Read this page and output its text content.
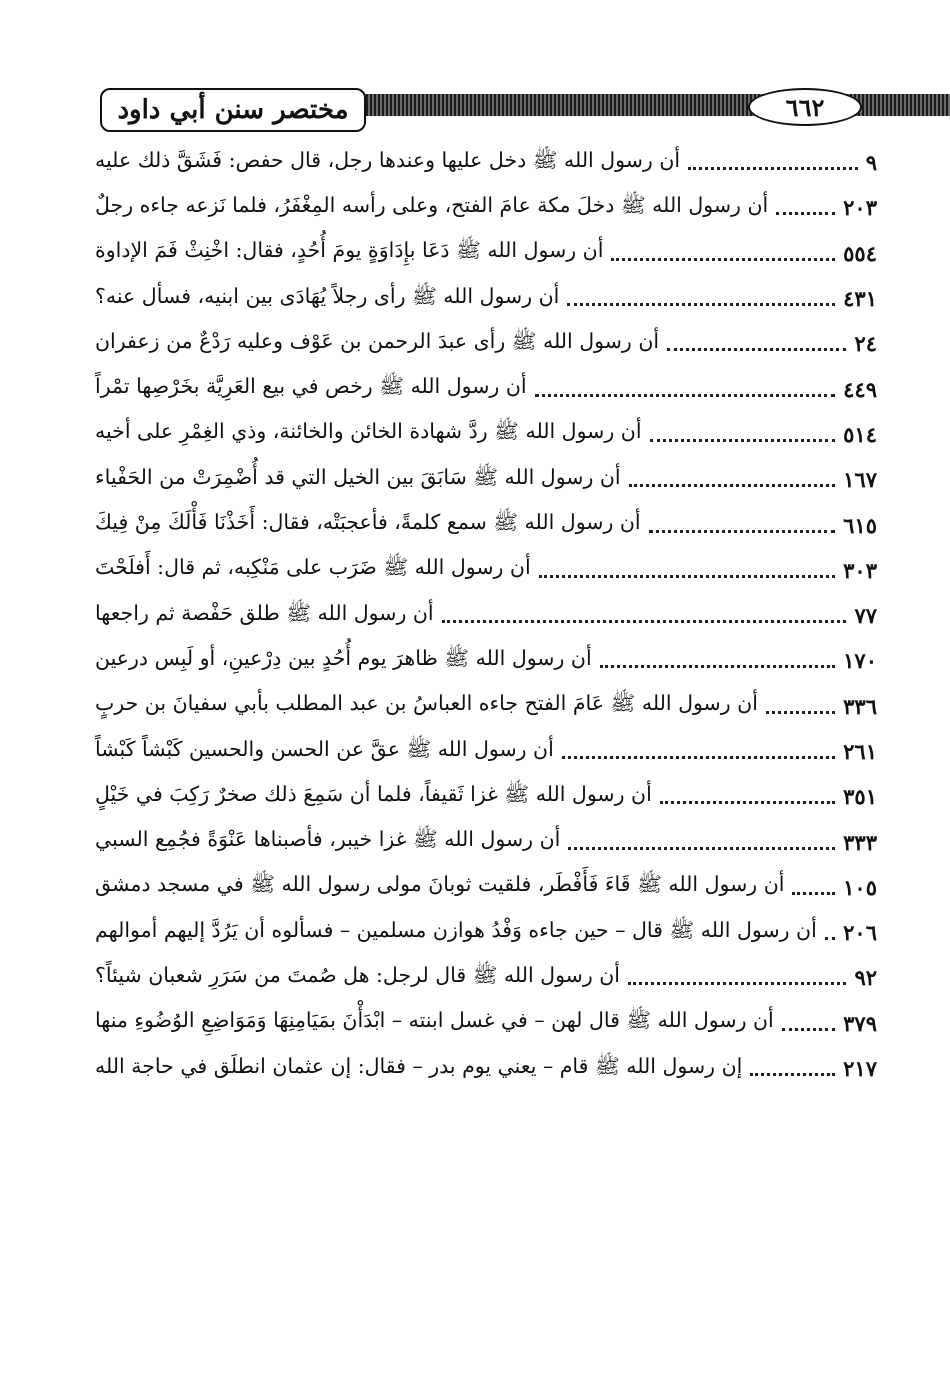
مختصر سنن أبي داود	٦٦٢
أن رسول الله ﷺ دخل عليها وعندها رجل، قال حفص: فَشَقَّ ذلك عليه	٩
أن رسول الله ﷺ دخلَ مكة عامَ الفتح، وعلى رأسه المِغْفَرُ، فلما نَزعه جاءه رجلٌ	٢٠٣
أن رسول الله ﷺ دَعَا بإِدَاوَةٍ يومَ أُحُدٍ، فقال: اخْنِثْ فَمَ الإداوة	٥٥٤
أن رسول الله ﷺ رأى رجلاً يُهَادَى بين ابنيه، فسأل عنه؟	٤٣١
أن رسول الله ﷺ رأى عبدَ الرحمن بن عَوْف وعليه رَدْعٌ من زعفران	٢٤
أن رسول الله ﷺ رخص في بيع العَرِيَّة بخَرْصِها تمْراً	٤٤٩
أن رسول الله ﷺ ردَّ شهادة الخائن والخائنة، وذي الغِمْرِ على أخيه	٥١٤
أن رسول الله ﷺ سَابَقَ بين الخيل التي قد أُضْمِرَتْ من الحَفْياء	١٦٧
أن رسول الله ﷺ سمع كلمةً، فأعجبَتْه، فقال: أَخَذْنَا فَأْلَكَ مِنْ فِيكَ	٦١٥
أن رسول الله ﷺ ضَرَب على مَنْكِبه، ثم قال: أَفلَحْتَ	٣٠٣
أن رسول الله ﷺ طلق حَفْصة ثم راجعها	٧٧
أن رسول الله ﷺ ظاهرَ يوم أُحُدٍ بين دِرْعينِ، أو لَبِس درعين	١٧٠
أن رسول الله ﷺ عَامَ الفتح جاءه العباسُ بن عبد المطلب بأبي سفيانَ بن حربٍ	٣٣٦
أن رسول الله ﷺ عقَّ عن الحسن والحسين كَبْشاً كَبْشاً	٢٦١
أن رسول الله ﷺ غزا ثَقيفاً، فلما أن سَمِعَ ذلك صخرٌ رَكِبَ في خَيْلٍ	٣٥١
أن رسول الله ﷺ غزا خيبر، فأصبناها عَنْوَةً فجُمِع السبي	٣٣٣
أن رسول الله ﷺ قَاءَ فَأَفْطَر، فلقيت ثوبانَ مولى رسول الله ﷺ في مسجد دمشق	١٠٥
أن رسول الله ﷺ قال – حين جاءه وَفْدُ هوازن مسلمين – فسألوه أن يَرُدَّ إليهم أموالهم ٢٠٦
أن رسول الله ﷺ قال لرجل: هل صُمتَ من سَرَرِ شعبان شيئاً؟	٩٢
أن رسول الله ﷺ قال لهن – في غسل ابنته – ابْدَأْنَ بمَيَامِنِهَا وَمَوَاضِعِ الوُضُوءِ منها	٣٧٩
إن رسول الله ﷺ قام – يعني يوم بدر – فقال: إن عثمان انطلَق في حاجة الله	٢١٧
